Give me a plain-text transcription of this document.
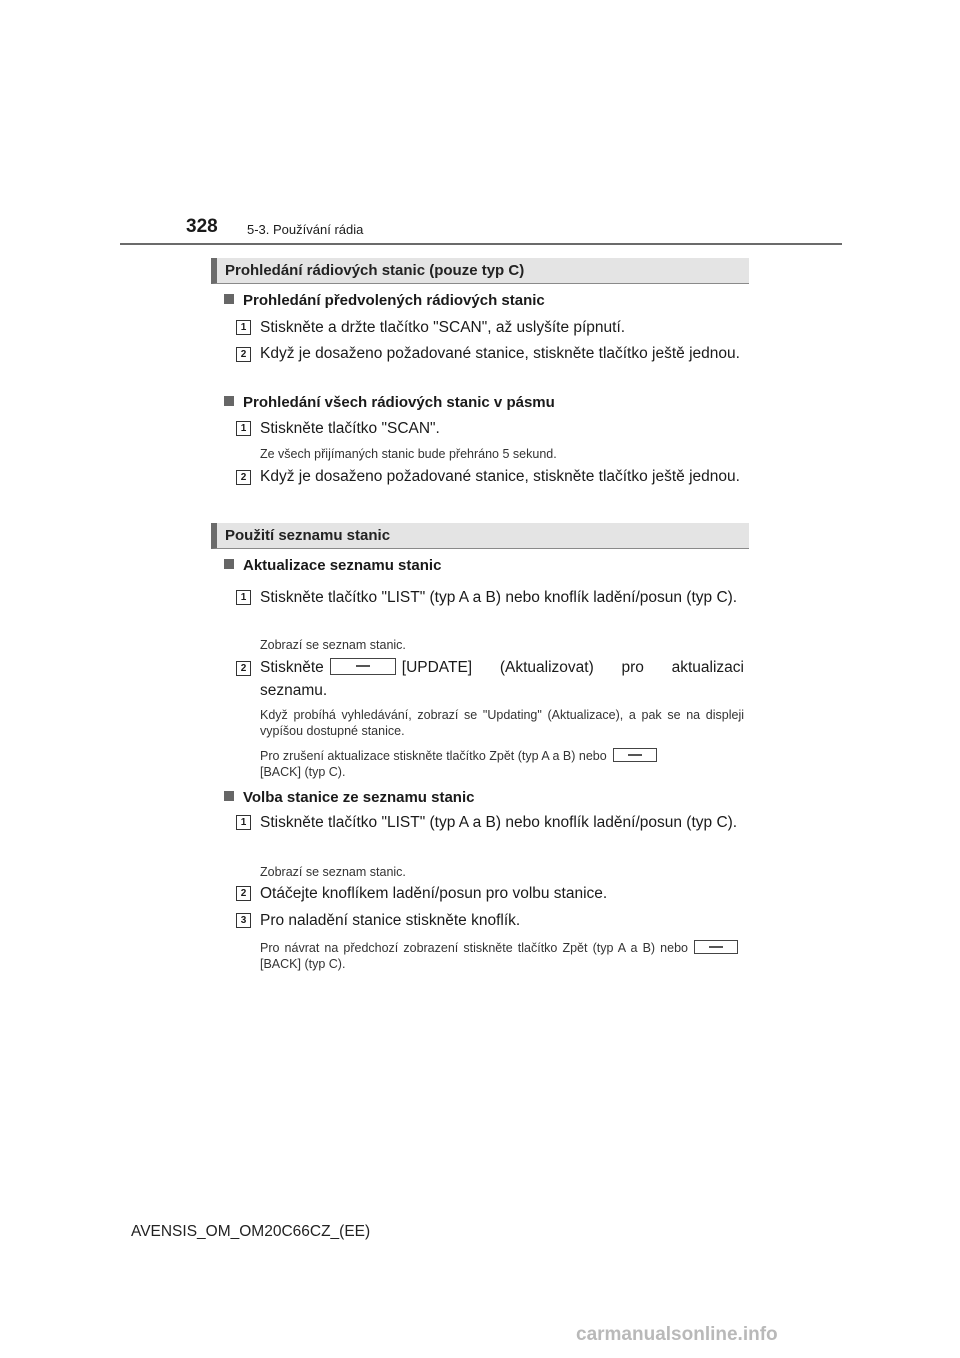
328 5-3. Používání rádia
Prohledání rádiových stanic (pouze typ C)
Prohledání předvolených rádiových stanic
1 Stiskněte a držte tlačítko "SCAN", až uslyšíte pípnutí.
2 Když je dosaženo požadované stanice, stiskněte tlačítko ještě jednou.
Prohledání všech rádiových stanic v pásmu
1 Stiskněte tlačítko "SCAN".
Ze všech přijímaných stanic bude přehráno 5 sekund.
2 Když je dosaženo požadované stanice, stiskněte tlačítko ještě jednou.
Použití seznamu stanic
Aktualizace seznamu stanic
1 Stiskněte tlačítko "LIST" (typ A a B) nebo knoflík ladění/posun (typ C).
Zobrazí se seznam stanic.
2 Stiskněte	[UPDATE] (Aktualizovat) pro aktualizaci seznamu.
Když probíhá vyhledávání, zobrazí se "Updating" (Aktualizace), a pak se na displeji vypíšou dostupné stanice.
Pro zrušení aktualizace stiskněte tlačítko Zpět (typ A a B) nebo
[BACK] (typ C).
Volba stanice ze seznamu stanic
1 Stiskněte tlačítko "LIST" (typ A a B) nebo knoflík ladění/posun (typ C).
Zobrazí se seznam stanic.
2 Otáčejte knoflíkem ladění/posun pro volbu stanice.
3 Pro naladění stanice stiskněte knoflík.
Pro návrat na předchozí zobrazení stiskněte tlačítko Zpět (typ A a B) nebo[BACK] (typ C).
AVENSIS_OM_OM20C66CZ_(EE)
carmanualsonline.info
